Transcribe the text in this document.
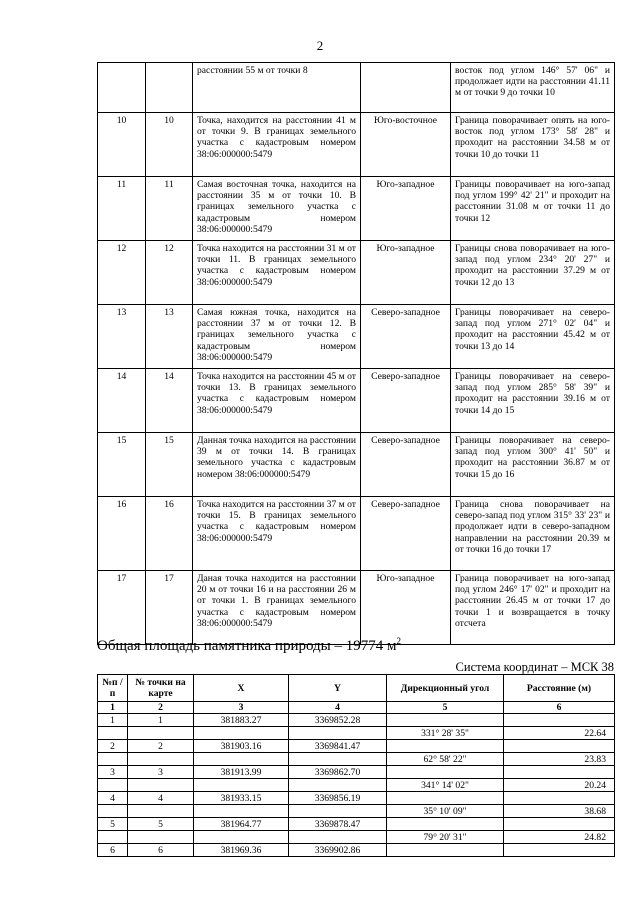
2
		расстоянии 55 м от точки 8		восток под углом 146° 57' 06" и продолжает идти на расстоянии 41.11 м от точки 9 до точки 10
10	10	Точка, находится на расстоянии 41 м от точки 9. В границах земельного участка с кадастровым номером 38:06:000000:5479	Юго-восточное	Граница поворачивает опять на юго-восток под углом 173° 58' 28" и проходит на расстоянии 34.58 м от точки 10 до точки 11
11	11	Самая восточная точка, находится на расстоянии 35 м от точки 10. В границах земельного участка с кадастровым номером 38:06:000000:5479	Юго-западное	Границы поворачивает на юго-запад под углом 199° 42' 21" и проходит на расстоянии 31.08 м от точки 11 до точки 12
12	12	Точка находится на расстоянии 31 м от точки 11. В границах земельного участка с кадастровым номером 38:06:000000:5479	Юго-западное	Границы снова поворачивает на юго-запад под углом 234° 20' 27" и проходит на расстоянии 37.29 м от точки 12 до 13
13	13	Самая южная точка, находится на расстоянии 37 м от точки 12. В границах земельного участка с кадастровым номером 38:06:000000:5479	Северо-западное	Границы поворачивает на северо-запад под углом 271° 02' 04" и проходит на расстоянии 45.42 м от точки 13 до 14
14	14	Точка находится на расстоянии 45 м от точки 13. В границах земельного участка с кадастровым номером 38:06:000000:5479	Северо-западное	Границы поворачивает на северо-запад под углом 285° 58' 39" и проходит на расстоянии 39.16 м от точки 14 до 15
15	15	Данная точка находится на расстоянии 39 м от точки 14. В границах земельного участка с кадастровым номером 38:06:000000:5479	Северо-западное	Границы поворачивает на северо-запад под углом 300° 41' 50" и проходит на расстоянии 36.87 м от точки 15 до 16
16	16	Точка находится на расстоянии 37 м от точки 15. В границах земельного участка с кадастровым номером 38:06:000000:5479	Северо-западное	Граница снова поворачивает на северо-запад под углом 315° 33' 23" и продолжает идти в северо-западном направлении на расстоянии 20.39 м от точки 16 до точки 17
17	17	Даная точка находится на расстоянии 20 м от точки 16 и на расстоянии 26 м от точки 1. В границах земельного участка с кадастровым номером 38:06:000000:5479	Юго-западное	Граница поворачивает на юго-запад под углом 246° 17' 02" и проходит на расстоянии 26.45 м от точки 17 до точки 1 и возвращается в точку отсчета
Общая площадь памятника природы – 19774 $м^2$
Система координат – МСК 38
№п /п	№ точки на карте	X	Y	Дирекционный угол	Расстояние (м)
1	2	3	4	5	6
1	1	381883.27	3369852.28		
				331° 28' 35"	22.64
2	2	381903.16	3369841.47		
				62° 58' 22"	23.83
3	3	381913.99	3369862.70		
				341° 14' 02"	20.24
4	4	381933.15	3369856.19		
				35° 10' 09"	38.68
5	5	381964.77	3369878.47		
				79° 20' 31"	24.82
6	6	381969.36	3369902.86		
